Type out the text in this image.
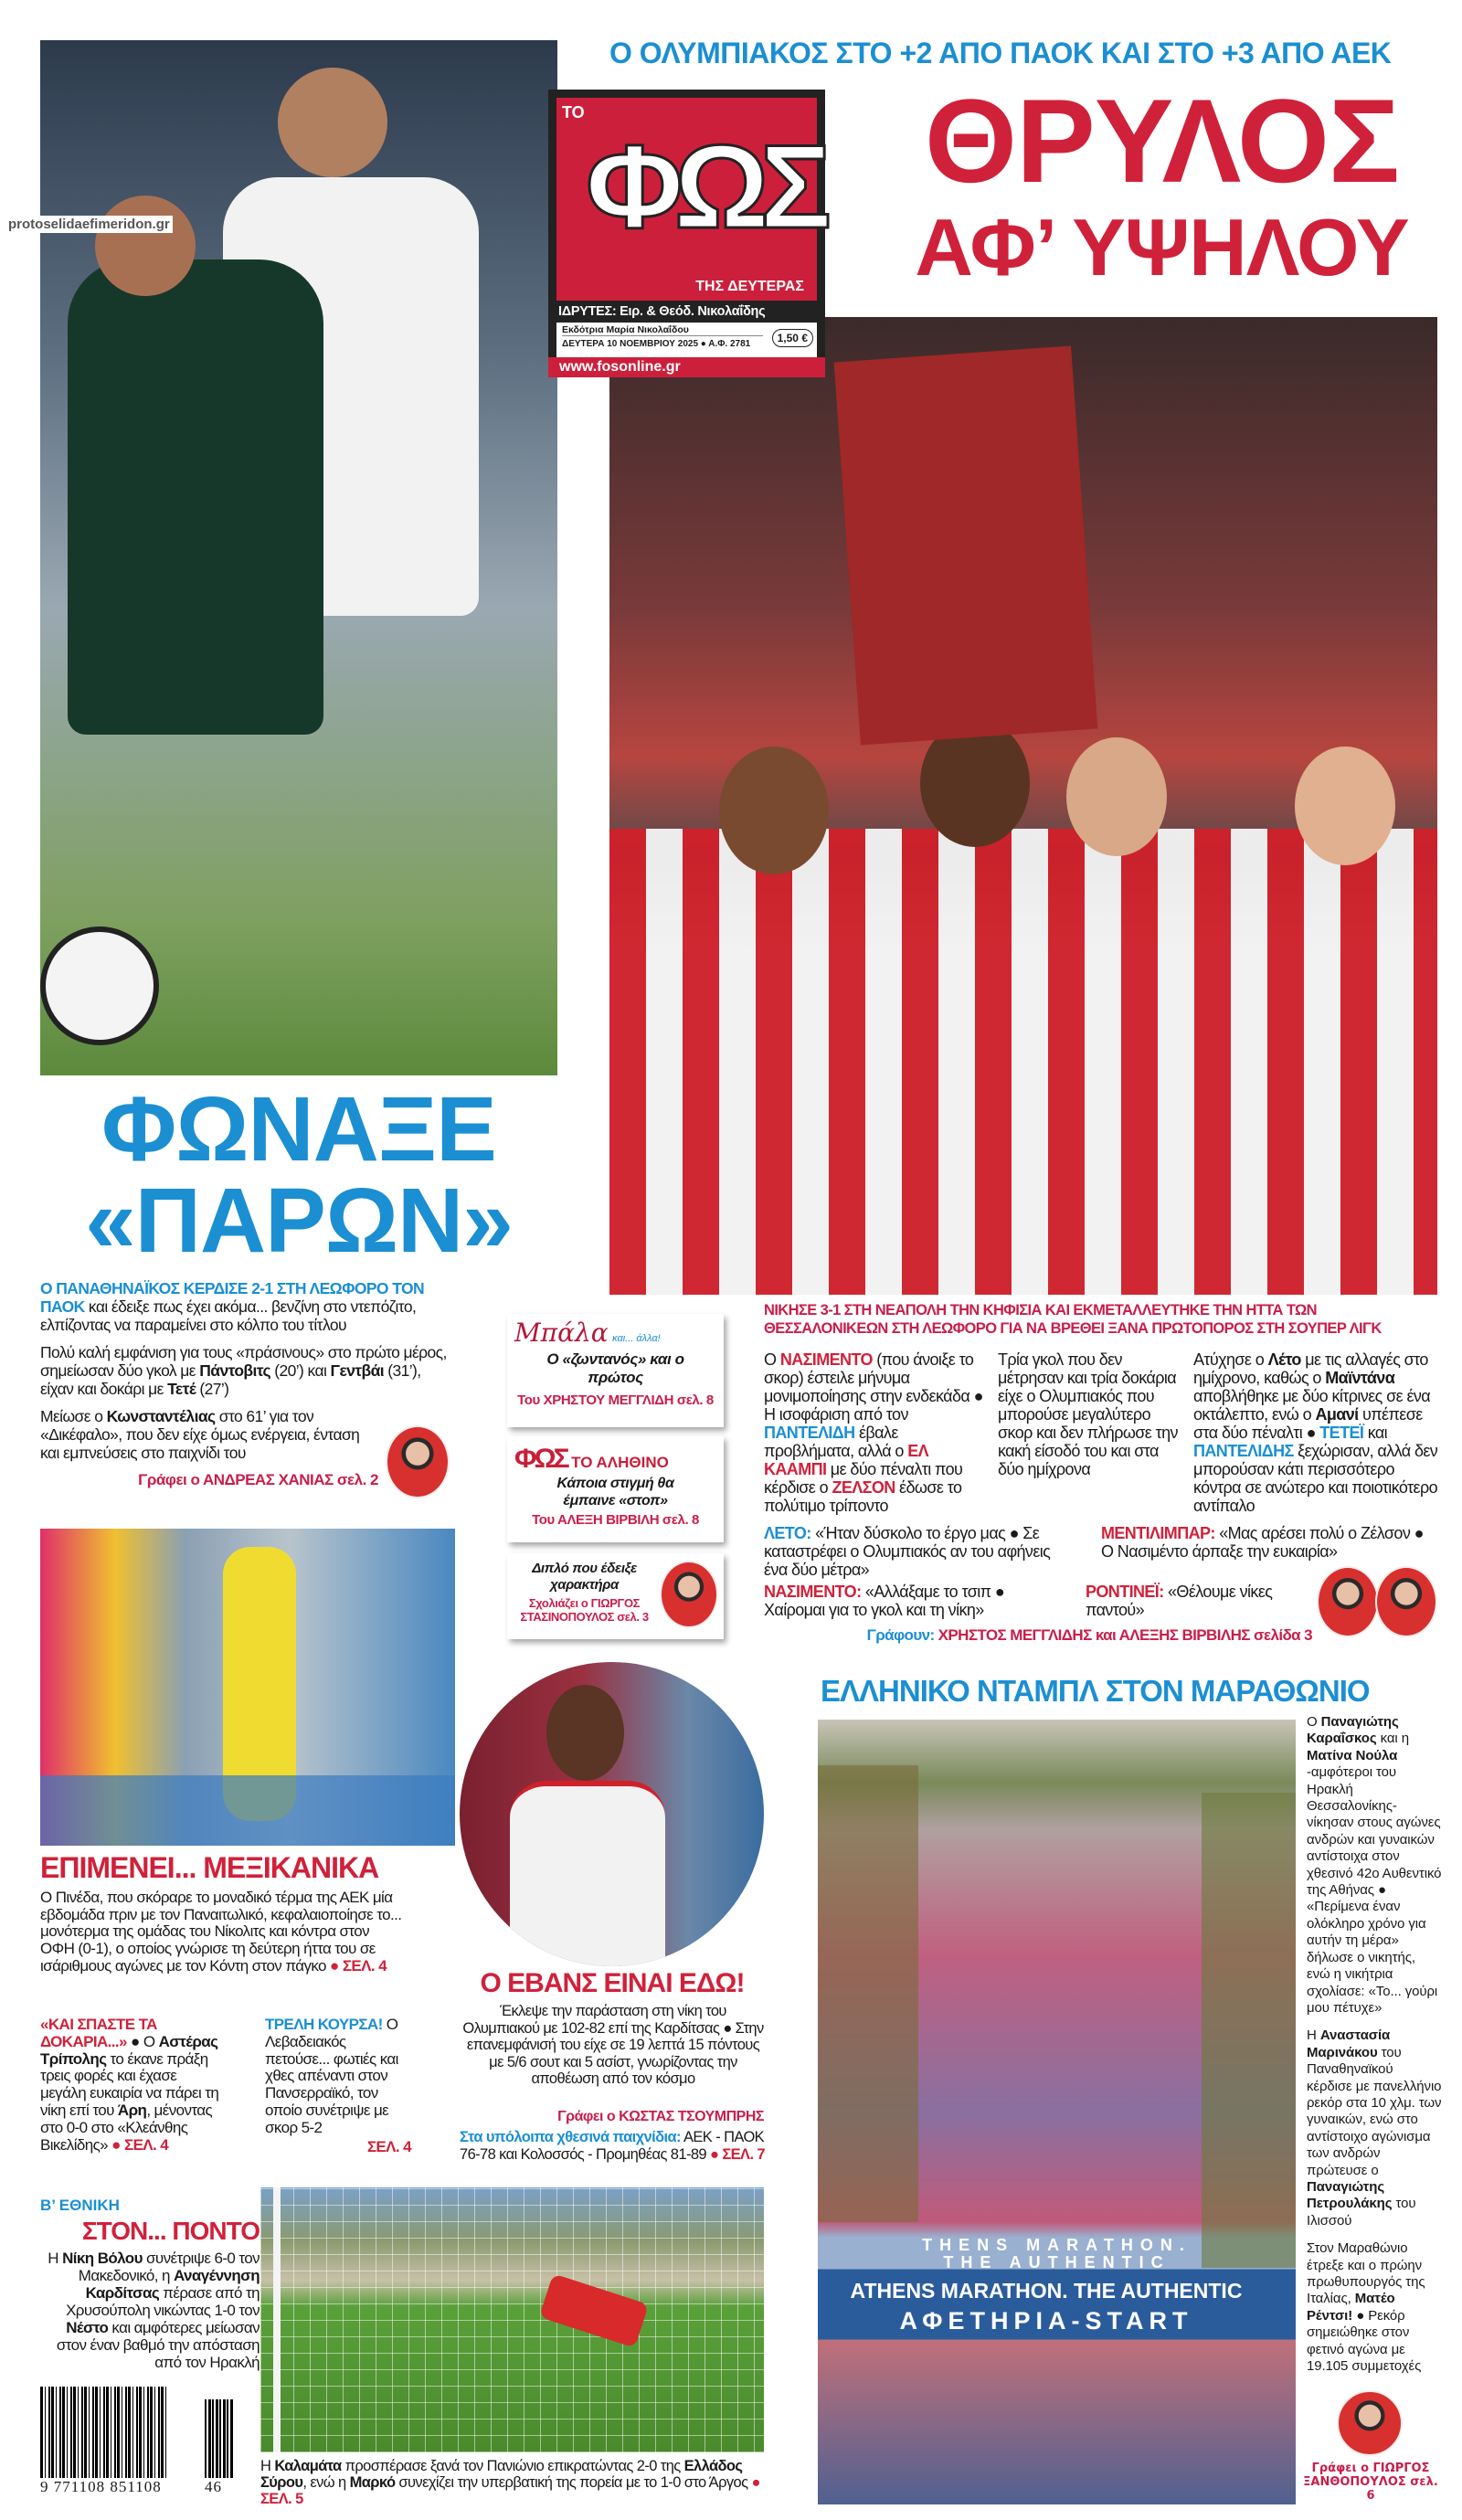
protoselidaefimeridon.gr
ΤΟ
ΦΩΣ
ΤΗΣ ΔΕΥΤΕΡΑΣ
ΙΔΡΥΤΕΣ: Ειρ. & Θεόδ. Νικολαΐδης
Εκδότρια Μαρία Νικολαΐδου
ΔΕΥΤΕΡΑ 10 ΝΟΕΜΒΡΙΟΥ 2025 ● Α.Φ. 2781	1,50 €
www.fosonline.gr
Ο ΟΛΥΜΠΙΑΚΟΣ ΣΤΟ +2 ΑΠΟ ΠΑΟΚ ΚΑΙ ΣΤΟ +3 ΑΠΟ ΑΕΚ
ΘΡΥΛΟΣ
ΑΦ’ ΥΨΗΛΟΥ
ΝΙΚΗΣΕ 3-1 ΣΤΗ ΝΕΑΠΟΛΗ ΤΗΝ ΚΗΦΙΣΙΑ ΚΑΙ ΕΚΜΕΤΑΛΛΕΥΤΗΚΕ ΤΗΝ ΗΤΤΑ ΤΩΝ ΘΕΣΣΑΛΟΝΙΚΕΩΝ ΣΤΗ ΛΕΩΦΟΡΟ ΓΙΑ ΝΑ ΒΡΕΘΕΙ ΞΑΝΑ ΠΡΩΤΟΠΟΡΟΣ ΣΤΗ ΣΟΥΠΕΡ ΛΙΓΚ
Ο ΝΑΣΙΜΕΝΤΟ (που άνοιξε το σκορ) έστειλε μήνυμα μονιμοποίησης στην ενδεκάδα ● Η ισοφάριση από τον ΠΑΝΤΕΛΙΔΗ έβαλε προβλήματα, αλλά ο ΕΛ ΚΑΑΜΠΙ με δύο πέναλτι που κέρδισε ο ΖΕΛΣΟΝ έδωσε το πολύτιμο τρίποντο
Τρία γκολ που δεν μέτρησαν και τρία δοκάρια είχε ο Ολυμπιακός που μπορούσε μεγαλύτερο σκορ και δεν πλήρωσε την κακή είσοδό του και στα δύο ημίχρονα
Ατύχησε ο Λέτο με τις αλλαγές στο ημίχρονο, καθώς ο Μαϊντάνα αποβλήθηκε με δύο κίτρινες σε ένα οκτάλεπτο, ενώ ο Αμανί υπέπεσε στα δύο πέναλτι ● ΤΕΤΕΪ και ΠΑΝΤΕΛΙΔΗΣ ξεχώρισαν, αλλά δεν μπορούσαν κάτι περισσότερο κόντρα σε ανώτερο και ποιοτικότερο αντίπαλο
ΛΕΤΟ: «Ήταν δύσκολο το έργο μας ● Σε καταστρέφει ο Ολυμπιακός αν του αφήνεις ένα δύο μέτρα»
ΜΕΝΤΙΛΙΜΠΑΡ: «Μας αρέσει πολύ ο Ζέλσον ● Ο Νασιμέντο άρπαξε την ευκαιρία»
ΝΑΣΙΜΕΝΤΟ: «Αλλάξαμε το τσιπ ● Χαίρομαι για το γκολ και τη νίκη»
ΡΟΝΤΙΝΕΪ: «Θέλουμε νίκες παντού»
Γράφουν: ΧΡΗΣΤΟΣ ΜΕΓΓΛΙΔΗΣ και ΑΛΕΞΗΣ ΒΙΡΒΙΛΗΣ σελίδα 3
ΦΩΝΑΞΕ
«ΠΑΡΩΝ»

Ο ΠΑΝΑΘΗΝΑΪΚΟΣ ΚΕΡΔΙΣΕ 2-1 ΣΤΗ ΛΕΩΦΟΡΟ ΤΟΝ ΠΑΟΚ και έδειξε πως έχει ακόμα... βενζίνη στο ντεπόζιτο, ελπίζοντας να παραμείνει στο κόλπο του τίτλου

Πολύ καλή εμφάνιση για τους «πράσινους» στο πρώτο μέρος, σημείωσαν δύο γκολ με Πάντοβιτς (20’) και Γεντβάι (31’), είχαν και δοκάρι με Τετέ (27’)

Μείωσε ο Κωνσταντέλιας στο 61’ για τον «Δικέφαλο», που δεν είχε όμως ενέργεια, ένταση και εμπνεύσεις στο παιχνίδι του

Γράφει ο ΑΝΔΡΕΑΣ ΧΑΝΙΑΣ σελ. 2
Μπάλα και... άλλα!
Ο «ζωντανός» και ο πρώτος
Του ΧΡΗΣΤΟΥ ΜΕΓΓΛΙΔΗ σελ. 8
ΦΩΣ ΤΟ ΑΛΗΘΙΝΟ
Κάποια στιγμή θα έμπαινε «στοπ»
Του ΑΛΕΞΗ ΒΙΡΒΙΛΗ σελ. 8
Διπλό που έδειξε χαρακτήρα
Σχολιάζει ο ΓΙΩΡΓΟΣ ΣΤΑΣΙΝΟΠΟΥΛΟΣ σελ. 3
ΕΠΙΜΕΝΕΙ... ΜΕΞΙΚΑΝΙΚΑ
Ο Πινέδα, που σκόραρε το μοναδικό τέρμα της ΑΕΚ μία εβδομάδα πριν με τον Παναιτωλικό, κεφαλαιοποίησε το... μονότερμα της ομάδας του Νίκολιτς και κόντρα στον ΟΦΗ (0-1), ο οποίος γνώρισε τη δεύτερη ήττα του σε ισάριθμους αγώνες με τον Κόντη στον πάγκο ● ΣΕΛ. 4
«ΚΑΙ ΣΠΑΣΤΕ ΤΑ ΔΟΚΑΡΙΑ...» ● Ο Αστέρας Τρίπολης το έκανε πράξη τρεις φορές και έχασε μεγάλη ευκαιρία να πάρει τη νίκη επί του Άρη, μένοντας στο 0-0 στο «Κλεάνθης Βικελίδης» ● ΣΕΛ. 4
ΤΡΕΛΗ ΚΟΥΡΣΑ! Ο Λεβαδειακός πετούσε... φωτιές και χθες απέναντι στον Πανσερραϊκό, τον οποίο συνέτριψε με σκορ 5-2
ΣΕΛ. 4
Ο ΕΒΑΝΣ ΕΙΝΑΙ ΕΔΩ!
Έκλεψε την παράσταση στη νίκη του Ολυμπιακού με 102-82 επί της Καρδίτσας ● Στην επανεμφάνισή του είχε σε 19 λεπτά 15 πόντους με 5/6 σουτ και 5 ασίστ, γνωρίζοντας την αποθέωση από τον κόσμο
Γράφει ο ΚΩΣΤΑΣ ΤΣΟΥΜΠΡΗΣ
Στα υπόλοιπα χθεσινά παιχνίδια: ΑΕΚ - ΠΑΟΚ 76-78 και Κολοσσός - Προμηθέας 81-89 ● ΣΕΛ. 7
ΕΛΛΗΝΙΚΟ ΝΤΑΜΠΛ ΣΤΟΝ ΜΑΡΑΘΩΝΙΟ
THENS MARATHON.
THE AUTHENTIC
ATHENS MARATHON. THE AUTHENTIC
ΑΦΕΤΗΡΙΑ-START

Ο Παναγιώτης Καραΐσκος και η Ματίνα Νούλα -αμφότεροι του Ηρακλή Θεσσαλονίκης- νίκησαν στους αγώνες ανδρών και γυναικών αντίστοιχα στον χθεσινό 42ο Αυθεντικό της Αθήνας ● «Περίμενα έναν ολόκληρο χρόνο για αυτήν τη μέρα» δήλωσε ο νικητής, ενώ η νικήτρια σχολίασε: «Το... γούρι μου πέτυχε»

Η Αναστασία Μαρινάκου του Παναθηναϊκού κέρδισε με πανελλήνιο ρεκόρ στα 10 χλμ. των γυναικών, ενώ στο αντίστοιχο αγώνισμα των ανδρών πρώτευσε ο Παναγιώτης Πετρουλάκης του Ιλισσού

Στον Μαραθώνιο έτρεξε και ο πρώην πρωθυπουργός της Ιταλίας, Ματέο Ρέντσι! ● Ρεκόρ σημειώθηκε στον φετινό αγώνα με 19.105 συμμετοχές

Γράφει ο ΓΙΩΡΓΟΣ ΞΑΝΘΟΠΟΥΛΟΣ σελ. 6
Β’ ΕΘΝΙΚΗ
ΣΤΟΝ... ΠΟΝΤΟ
Η Νίκη Βόλου συνέτριψε 6-0 τον Μακεδονικό, η Αναγέννηση Καρδίτσας πέρασε από τη Χρυσούπολη νικώντας 1-0 τον Νέστο και αμφότερες μείωσαν στον έναν βαθμό την απόσταση από τον Ηρακλή
9 771108 851108	46
Η Καλαμάτα προσπέρασε ξανά τον Πανιώνιο επικρατώντας 2-0 της Ελλάδος Σύρου, ενώ η Μαρκό συνεχίζει την υπερβατική της πορεία με το 1-0 στο Άργος ● ΣΕΛ. 5
